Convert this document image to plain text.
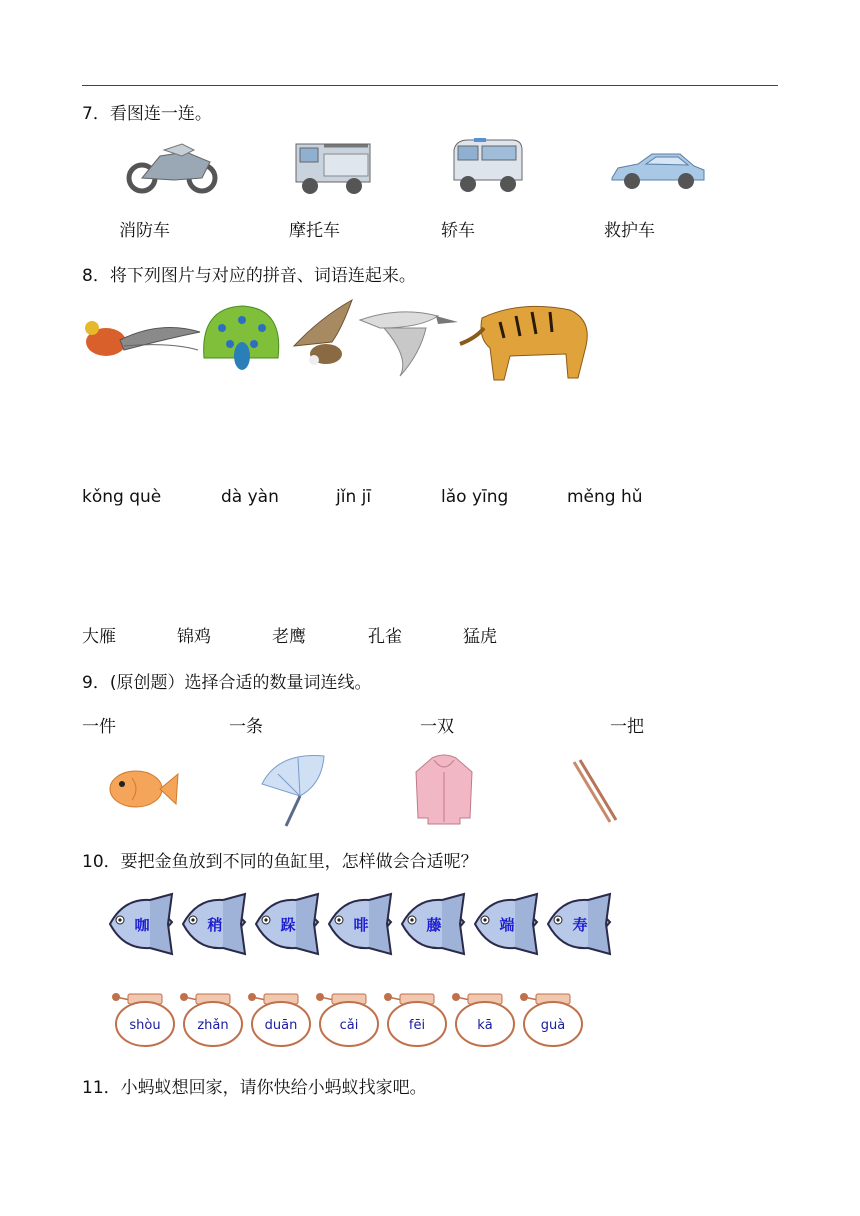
7．看图连一连。
消防车	摩托车	轿车	救护车
8．将下列图片与对应的拼音、词语连起来。
kǒng què	dà yàn	jǐn jī	lǎo yīng	měng hǔ
大雁	锦鸡	老鹰	孔雀	猛虎
9．(原创题）选择合适的数量词连线。
一件	一条	一双	一把
10．要把金鱼放到不同的鱼缸里，怎样做会合适呢？
咖	稍	跺	啡	藤	端	寿
shòu	zhǎn	duān	cǎi	fēi	kā	guà
11．小蚂蚁想回家，请你快给小蚂蚁找家吧。
